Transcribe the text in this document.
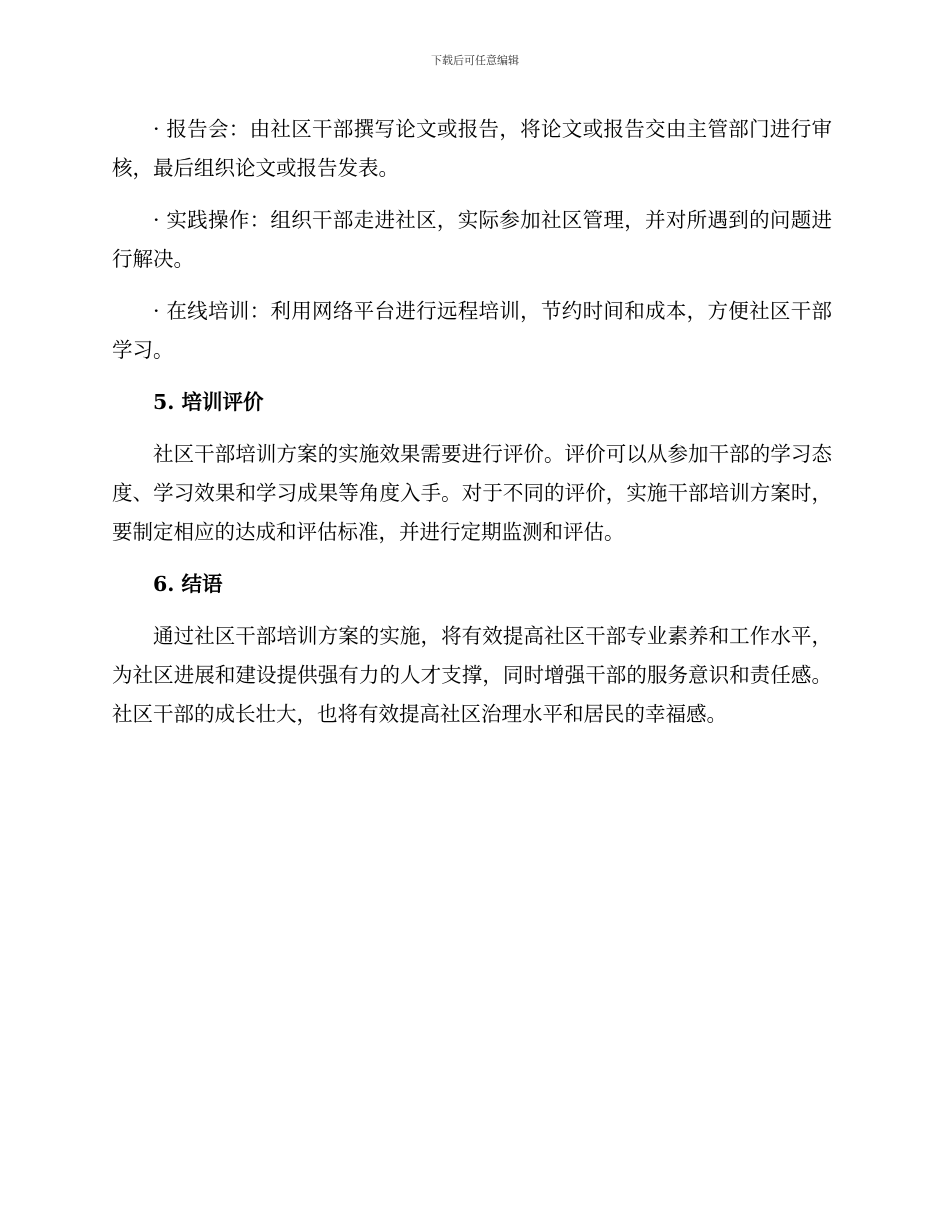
下载后可任意编辑

· 报告会：由社区干部撰写论文或报告，将论文或报告交由主管部门进行审核，最后组织论文或报告发表。

· 实践操作：组织干部走进社区，实际参加社区管理，并对所遇到的问题进行解决。

· 在线培训：利用网络平台进行远程培训，节约时间和成本，方便社区干部学习。

5. 培训评价

社区干部培训方案的实施效果需要进行评价。评价可以从参加干部的学习态度、学习效果和学习成果等角度入手。对于不同的评价，实施干部培训方案时，要制定相应的达成和评估标准，并进行定期监测和评估。

6. 结语

通过社区干部培训方案的实施，将有效提高社区干部专业素养和工作水平，为社区进展和建设提供强有力的人才支撑，同时增强干部的服务意识和责任感。社区干部的成长壮大，也将有效提高社区治理水平和居民的幸福感。
